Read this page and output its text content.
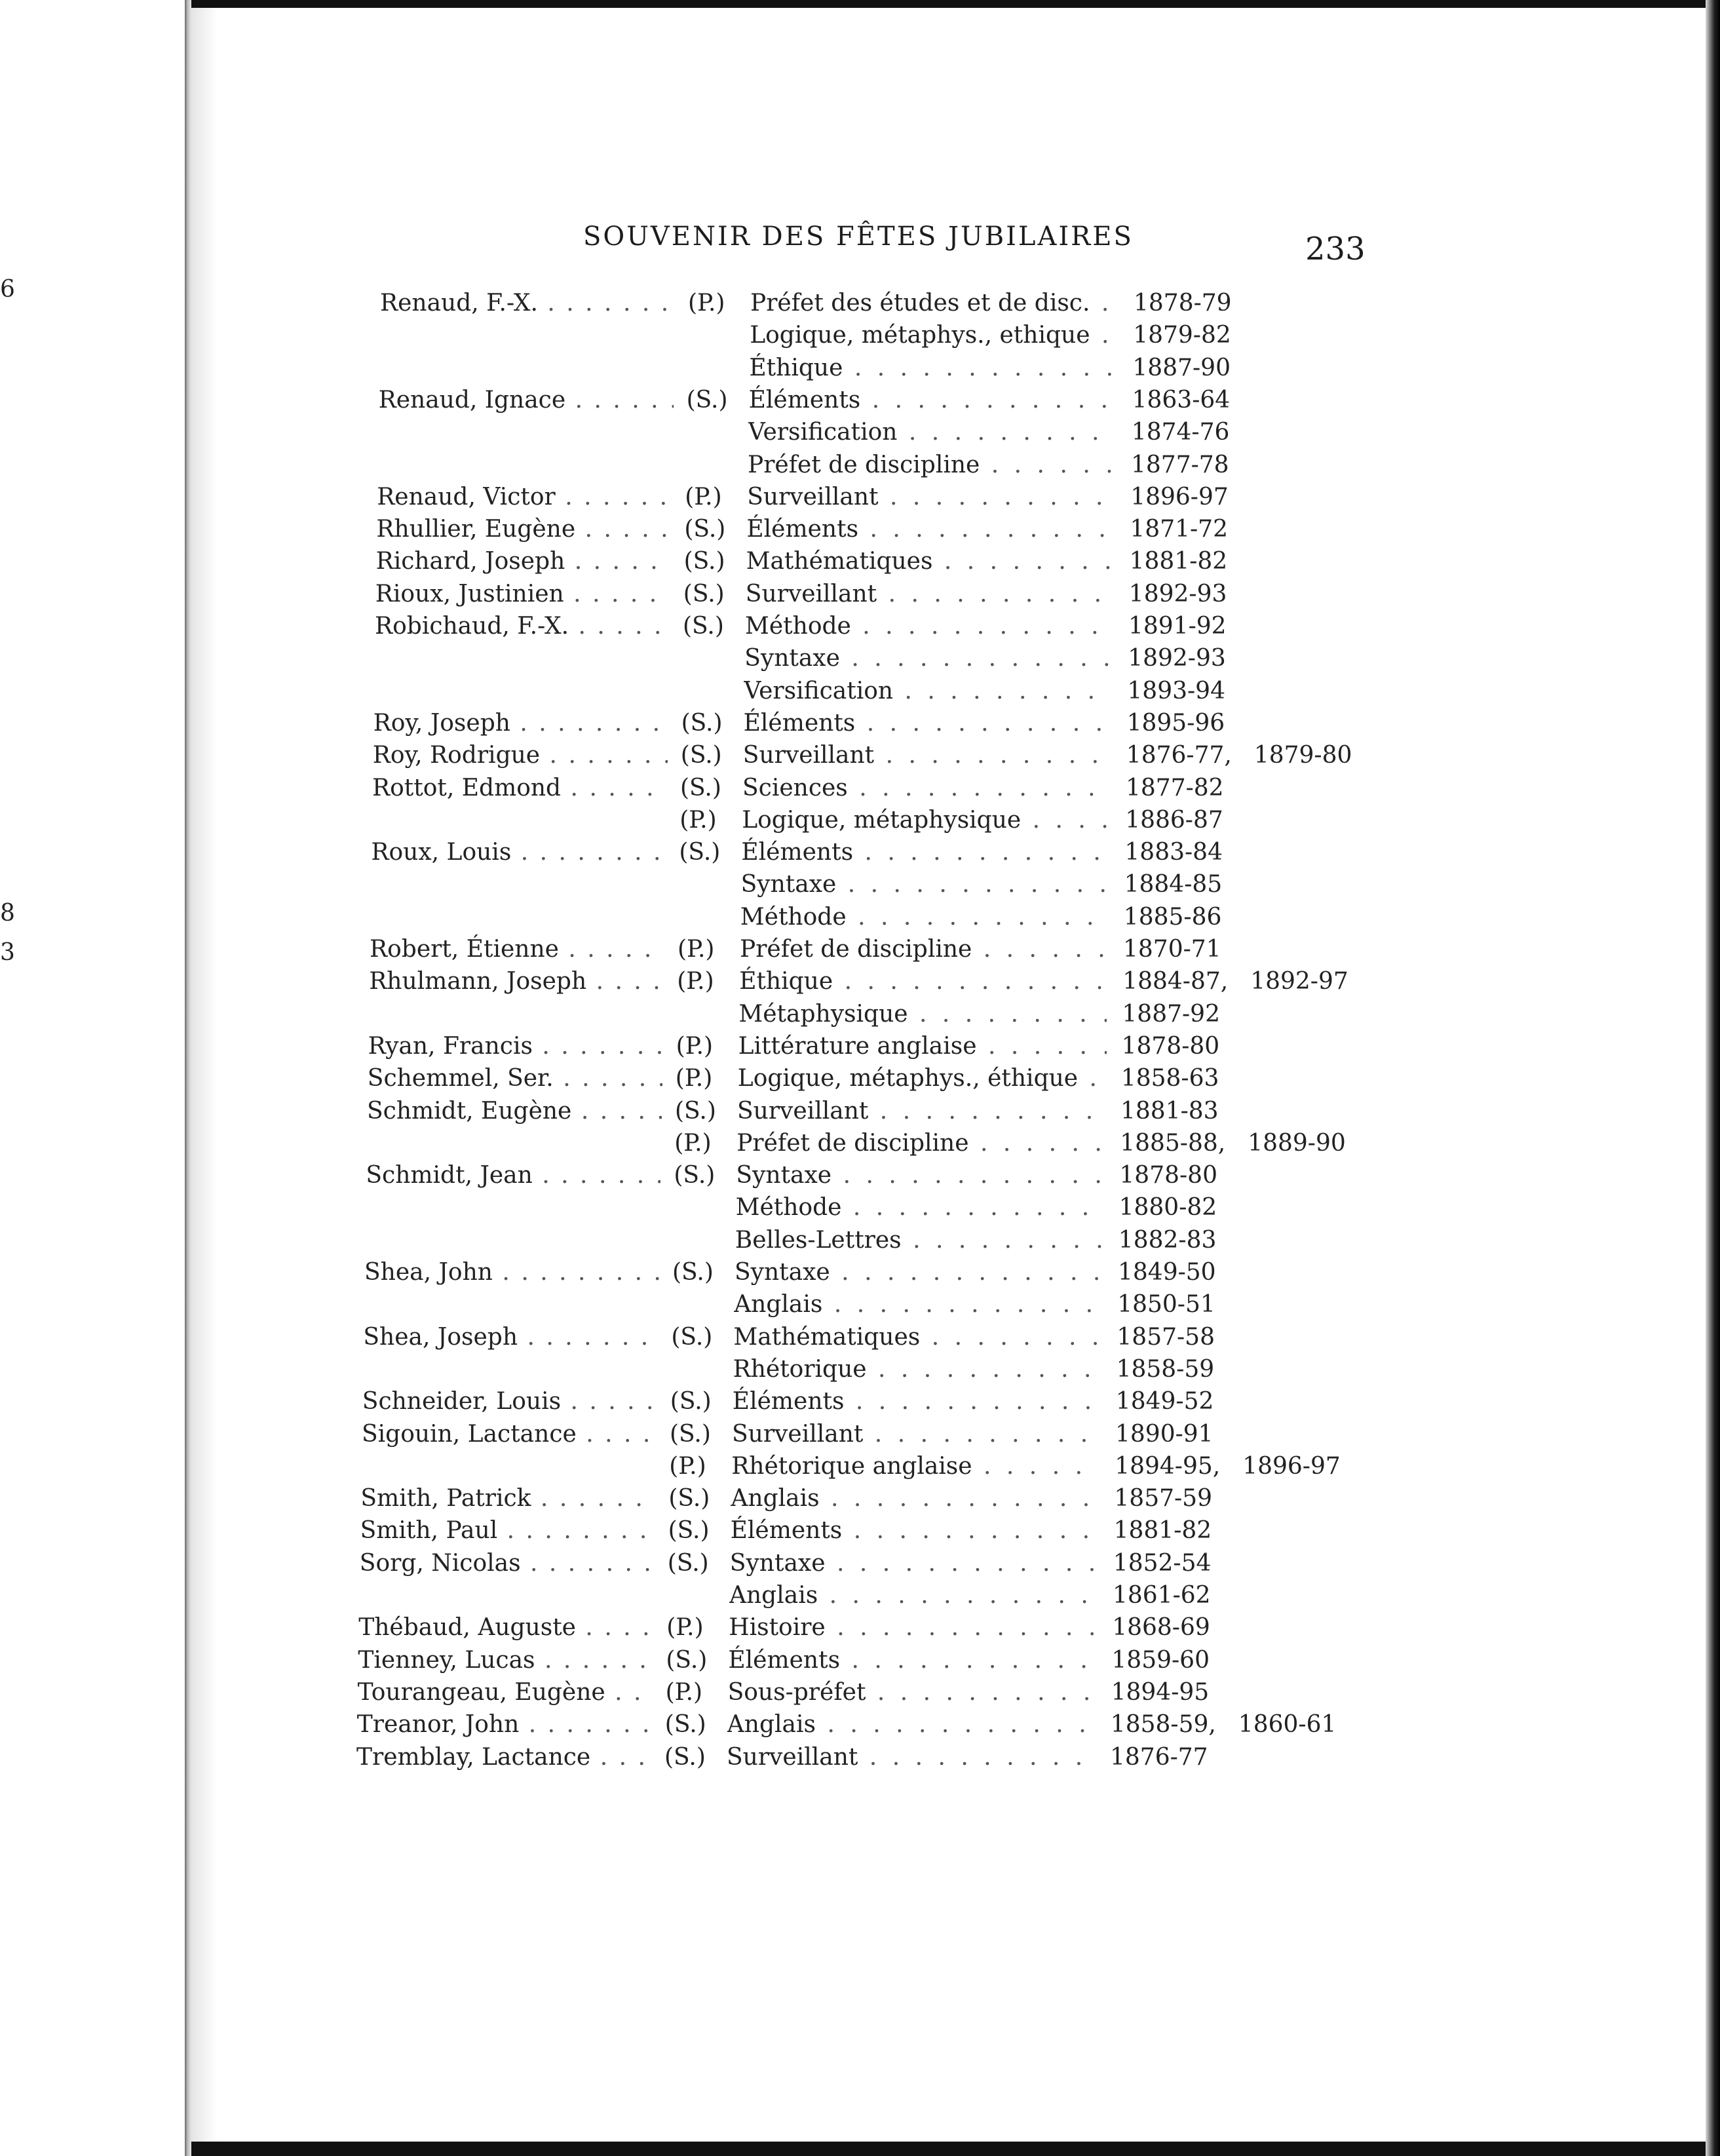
6
8
3
SOUVENIR DES FÊTES JUBILAIRES	233
Renaud, F.-X. . . .	(P.) Préfet des études et de disc. . . .	1878-79
Logique, métaphys., ethique . . .	1879-82
Éthique . . .	1887-90
Renaud, Ignace . . .	(S.) Éléments . . .	1863-64
Versification . . .	1874-76
Préfet de discipline . . .	1877-78
Renaud, Victor . . .	(P.) Surveillant . . .	1896-97
Rhullier, Eugène . . .	(S.) Éléments . . .	1871-72
Richard, Joseph . . .	(S.) Mathématiques . . .	1881-82
Rioux, Justinien . . .	(S.) Surveillant . . .	1892-93
Robichaud, F.-X. . . .	(S.) Méthode . . .	1891-92
Syntaxe . . .	1892-93
Versification . . .	1893-94
Roy, Joseph . . .	(S.) Éléments . . .	1895-96
Roy, Rodrigue . . .	(S.) Surveillant . . .	1876-77, 1879-80
Rottot, Edmond . . .	(S.) Sciences . . .	1877-82
(P.) Logique, métaphysique . . .	1886-87
Roux, Louis . . .	(S.) Éléments . . .	1883-84
Syntaxe . . .	1884-85
Méthode . . .	1885-86
Robert, Étienne . . .	(P.) Préfet de discipline . . .	1870-71
Rhulmann, Joseph . . .	(P.) Éthique . . .	1884-87, 1892-97
Métaphysique . . .	1887-92
Ryan, Francis . . .	(P.) Littérature anglaise . . .	1878-80
Schemmel, Ser. . . .	(P.) Logique, métaphys., éthique . . .	1858-63
Schmidt, Eugène . . .	(S.) Surveillant . . .	1881-83
(P.) Préfet de discipline . . .	1885-88, 1889-90
Schmidt, Jean . . .	(S.) Syntaxe . . .	1878-80
Méthode . . .	1880-82
Belles-Lettres . . .	1882-83
Shea, John . . .	(S.) Syntaxe . . .	1849-50
Anglais . . .	1850-51
Shea, Joseph . . .	(S.) Mathématiques . . .	1857-58
Rhétorique . . .	1858-59
Schneider, Louis . . .	(S.) Éléments . . .	1849-52
Sigouin, Lactance . . .	(S.) Surveillant . . .	1890-91
(P.) Rhétorique anglaise . . .	1894-95, 1896-97
Smith, Patrick . . .	(S.) Anglais . . .	1857-59
Smith, Paul . . .	(S.) Éléments . . .	1881-82
Sorg, Nicolas . . .	(S.) Syntaxe . . .	1852-54
Anglais . . .	1861-62
Thébaud, Auguste . . .	(P.) Histoire . . .	1868-69
Tienney, Lucas . . .	(S.) Éléments . . .	1859-60
Tourangeau, Eugène . . .	(P.) Sous-préfet . . .	1894-95
Treanor, John . . .	(S.) Anglais . . .	1858-59, 1860-61
Tremblay, Lactance . . .	(S.) Surveillant . . .	1876-77
